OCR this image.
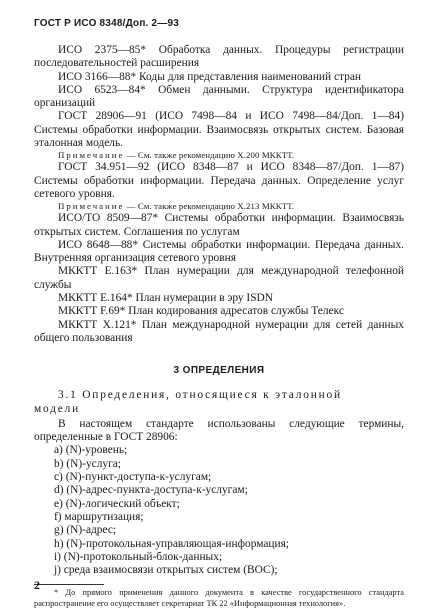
ГОСТ Р ИСО 8348/Доп. 2—93

ИСО 2375—85* Обработка данных. Процедуры регистрации последовательностей расширения

ИСО 3166—88* Коды для представления наименований стран

ИСО 6523—84* Обмен данными. Структура идентификатора организаций

ГОСТ 28906—91 (ИСО 7498—84 и ИСО 7498—84/Доп. 1—84) Системы обработки информации. Взаимосвязь открытых систем. Базовая эталонная модель.

Примечание — См. также рекомендацию Х.200 МККТТ.

ГОСТ 34.951—92 (ИСО 8348—87 и ИСО 8348—87/Доп. 1—87) Системы обработки информации. Передача данных. Определение услуг сетевого уровня.

Примечание — См. также рекомендацию Х.213 МККТТ.

ИСО/ТО 8509—87* Системы обработки информации. Взаимосвязь открытых систем. Соглашения по услугам

ИСО 8648—88* Системы обработки информации. Передача данных. Внутренняя организация сетевого уровня

МККТТ Е.163* План нумерации для международной телефонной службы

МККТТ Е.164* План нумерации в эру ISDN

МККТТ F.69* План кодирования адресатов службы Телекс

МККТТ Х.121* План международной нумерации для сетей данных общего пользования

3 ОПРЕДЕЛЕНИЯ

3.1 Определения, относящиеся к эталонной

модели

В настоящем стандарте использованы следующие термины, определенные в ГОСТ 28906:

a) (N)-уровень;
b) (N)-услуга;
c) (N)-пункт-доступа-к-услугам;
d) (N)-адрес-пункта-доступа-к-услугам;
e) (N)-логический объект;
f) маршрутизация;
g) (N)-адрес;
h) (N)-протокольная-управляющая-информация;
i) (N)-протокольный-блок-данных;
j) среда взаимосвязи открытых систем (ВОС);

* До прямого применения данного документа в качестве государственного стандарта распространение его осуществляет секретариат ТК 22 «Информационная технология».

2
